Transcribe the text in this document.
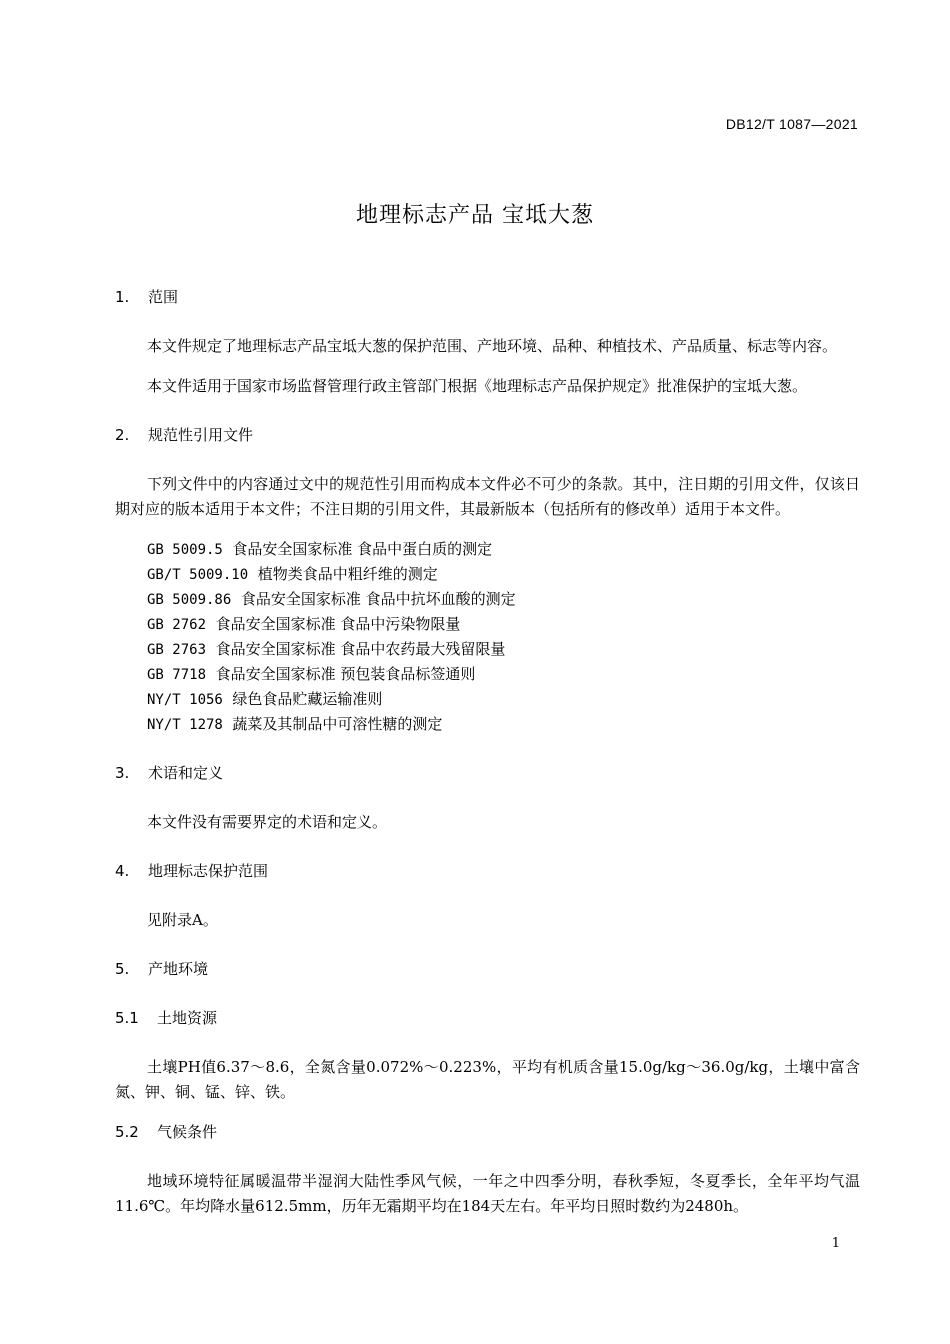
DB12/T 1087—2021
地理标志产品 宝坻大葱
1. 范围

本文件规定了地理标志产品宝坻大葱的保护范围、产地环境、品种、种植技术、产品质量、标志等内容。

本文件适用于国家市场监督管理行政主管部门根据《地理标志产品保护规定》批准保护的宝坻大葱。

2. 规范性引用文件

下列文件中的内容通过文中的规范性引用而构成本文件必不可少的条款。其中，注日期的引用文件，仅该日期对应的版本适用于本文件；不注日期的引用文件，其最新版本（包括所有的修改单）适用于本文件。

GB 5009.5 食品安全国家标准 食品中蛋白质的测定
GB/T 5009.10 植物类食品中粗纤维的测定
GB 5009.86 食品安全国家标准 食品中抗坏血酸的测定
GB 2762 食品安全国家标准 食品中污染物限量
GB 2763 食品安全国家标准 食品中农药最大残留限量
GB 7718 食品安全国家标准 预包装食品标签通则
NY/T 1056 绿色食品贮藏运输准则
NY/T 1278 蔬菜及其制品中可溶性糖的测定
3. 术语和定义

本文件没有需要界定的术语和定义。

4. 地理标志保护范围

见附录A。

5. 产地环境
5.1 土地资源

土壤PH值6.37～8.6，全氮含量0.072%～0.223%，平均有机质含量15.0g/kg～36.0g/kg，土壤中富含氮、钾、铜、锰、锌、铁。

5.2 气候条件

地域环境特征属暖温带半湿润大陆性季风气候，一年之中四季分明，春秋季短，冬夏季长，全年平均气温11.6℃。年均降水量612.5mm，历年无霜期平均在184天左右。年平均日照时数约为2480h。

1
